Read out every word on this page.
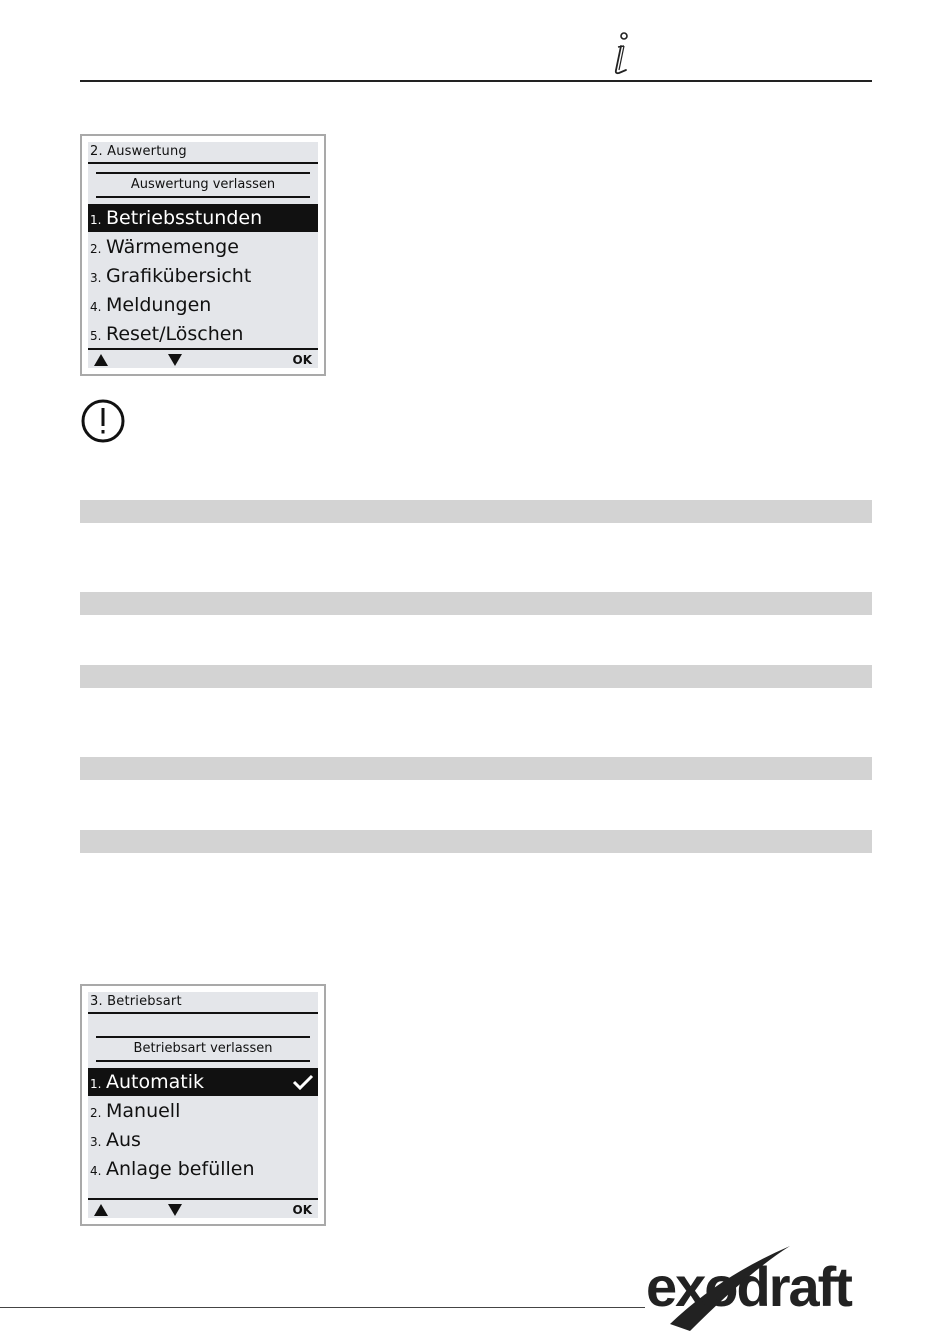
2. Auswertung
Auswertung verlassen
1. Betriebsstunden
2. Wärmemenge
3. Grafikübersicht
4. Meldungen
5. Reset/Löschen
OK
3. Betriebsart
Betriebsart verlassen
1. Automatik
2. Manuell
3. Aus
4. Anlage befüllen
OK
exodraft
